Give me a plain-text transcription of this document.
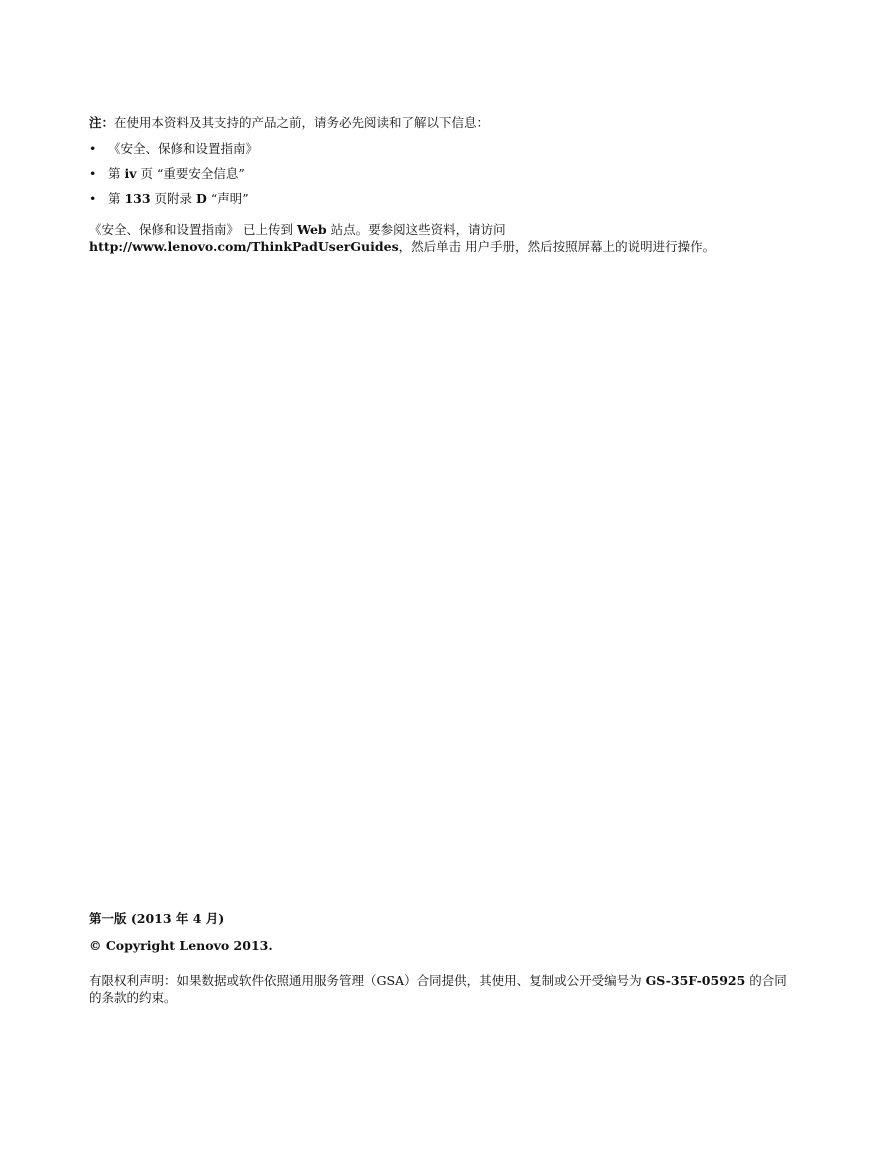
注：在使用本资料及其支持的产品之前，请务必先阅读和了解以下信息：

• 《安全、保修和设置指南》
• 第 iv 页 “重要安全信息”
• 第 133 页附录 D “声明”
《安全、保修和设置指南》 已上传到 Web 站点。要参阅这些资料，请访问 http://www.lenovo.com/ThinkPadUserGuides，然后单击 用户手册，然后按照屏幕上的说明进行操作。

第一版 (2013 年 4 月)

© Copyright Lenovo 2013.

有限权利声明：如果数据或软件依照通用服务管理（GSA）合同提供，其使用、复制或公开受编号为 GS-35F-05925 的合同的条款的约束。
